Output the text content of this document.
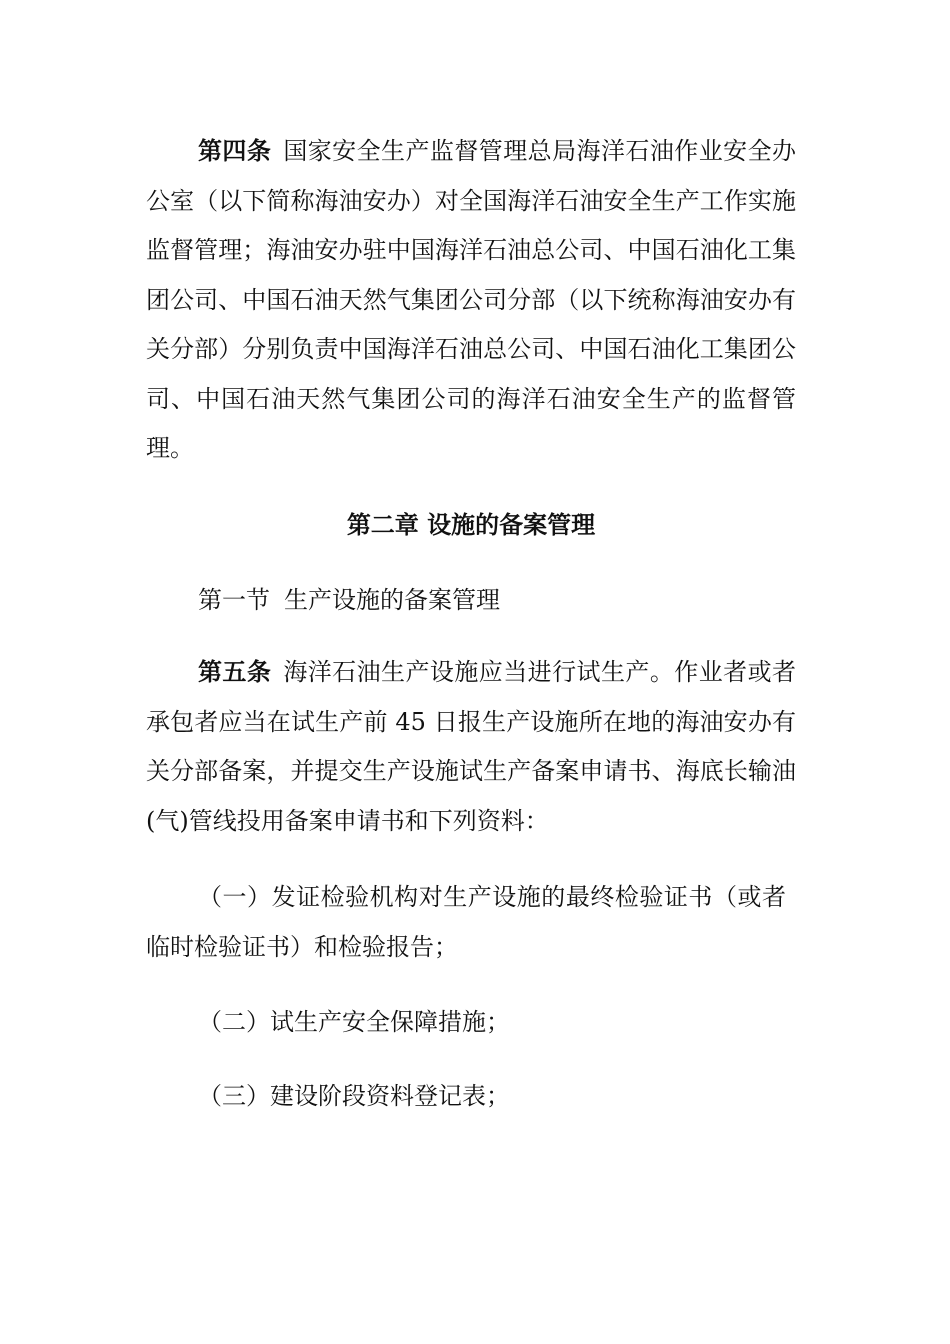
第四条 国家安全生产监督管理总局海洋石油作业安全办公室（以下简称海油安办）对全国海洋石油安全生产工作实施监督管理；海油安办驻中国海洋石油总公司、中国石油化工集团公司、中国石油天然气集团公司分部（以下统称海油安办有关分部）分别负责中国海洋石油总公司、中国石油化工集团公司、中国石油天然气集团公司的海洋石油安全生产的监督管理。

第二章 设施的备案管理
第一节 生产设施的备案管理

第五条 海洋石油生产设施应当进行试生产。作业者或者承包者应当在试生产前 45 日报生产设施所在地的海油安办有关分部备案，并提交生产设施试生产备案申请书、海底长输油(气)管线投用备案申请书和下列资料：

（一）发证检验机构对生产设施的最终检验证书（或者临时检验证书）和检验报告；

（二）试生产安全保障措施；

（三）建设阶段资料登记表；
